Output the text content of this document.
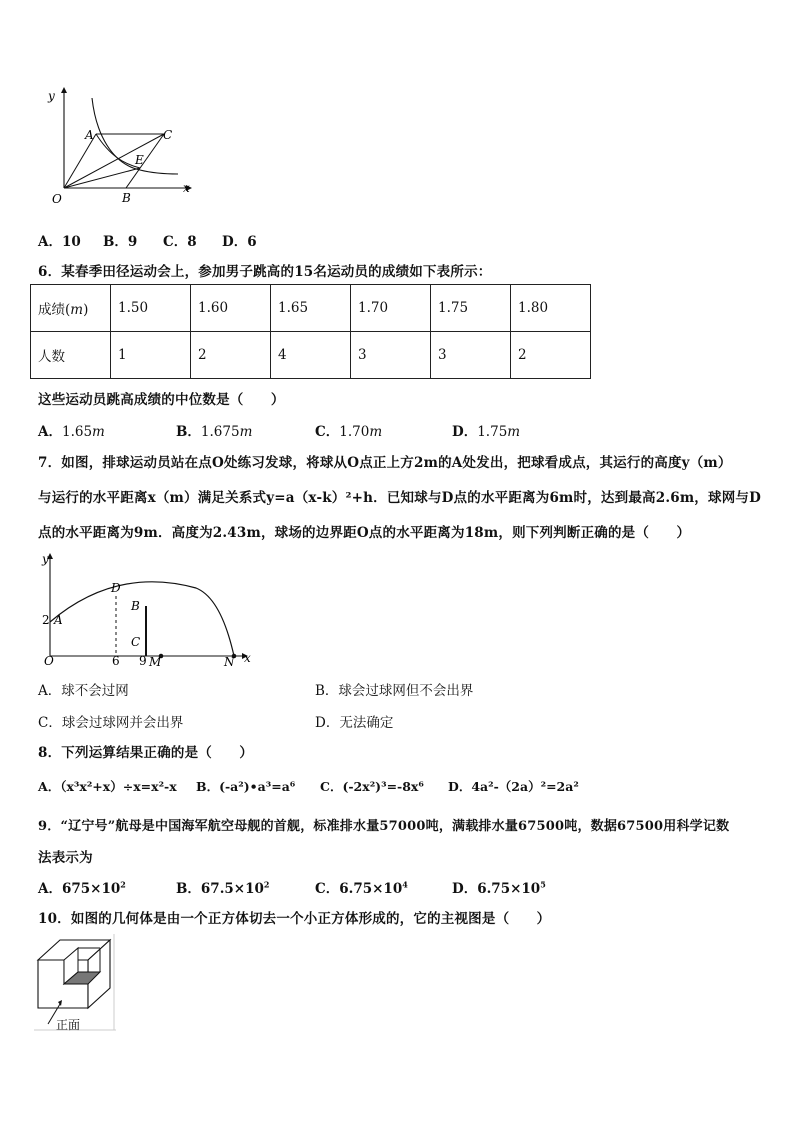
y
x
O
A
B
C
E
A．10 B．9 C．8 D．6
6．某春季田径运动会上，参加男子跳高的15名运动员的成绩如下表所示：
成绩(m)	1.50	1.60	1.65	1.70	1.75	1.80
人数	1	2	4	3	3	2
这些运动员跳高成绩的中位数是（　　）
A．1.65m	B．1.675m	C．1.70m	D．1.75m
7．如图，排球运动员站在点O处练习发球，将球从O点正上方2m的A处发出，把球看成点，其运行的高度y（m）
与运行的水平距离x（m）满足关系式y=a（x-k）²+h．已知球与D点的水平距离为6m时，达到最高2.6m，球网与D
点的水平距离为9m．高度为2.43m，球场的边界距O点的水平距离为18m，则下列判断正确的是（　　）
y
x
O
2 A
D
B
C
6 9 M	N
A．球不会过网	B．球会过球网但不会出界
C．球会过球网并会出界	D．无法确定
8．下列运算结果正确的是（　　）
A．（x³x²+x）÷x=x²-x B．(-a²)•a³=a⁶ C．(-2x²)³=-8x⁶ D．4a²-（2a）²=2a²
9．“辽宁号”航母是中国海军航空母舰的首舰，标准排水量57000吨，满载排水量67500吨，数据67500用科学记数
法表示为
A．$675\times 10^2$	B．$67.5\times 10^2$	C．$6.75\times 10^4$	D．$6.75\times 10^5$
10．如图的几何体是由一个正方体切去一个小正方体形成的，它的主视图是（　　）
正面
